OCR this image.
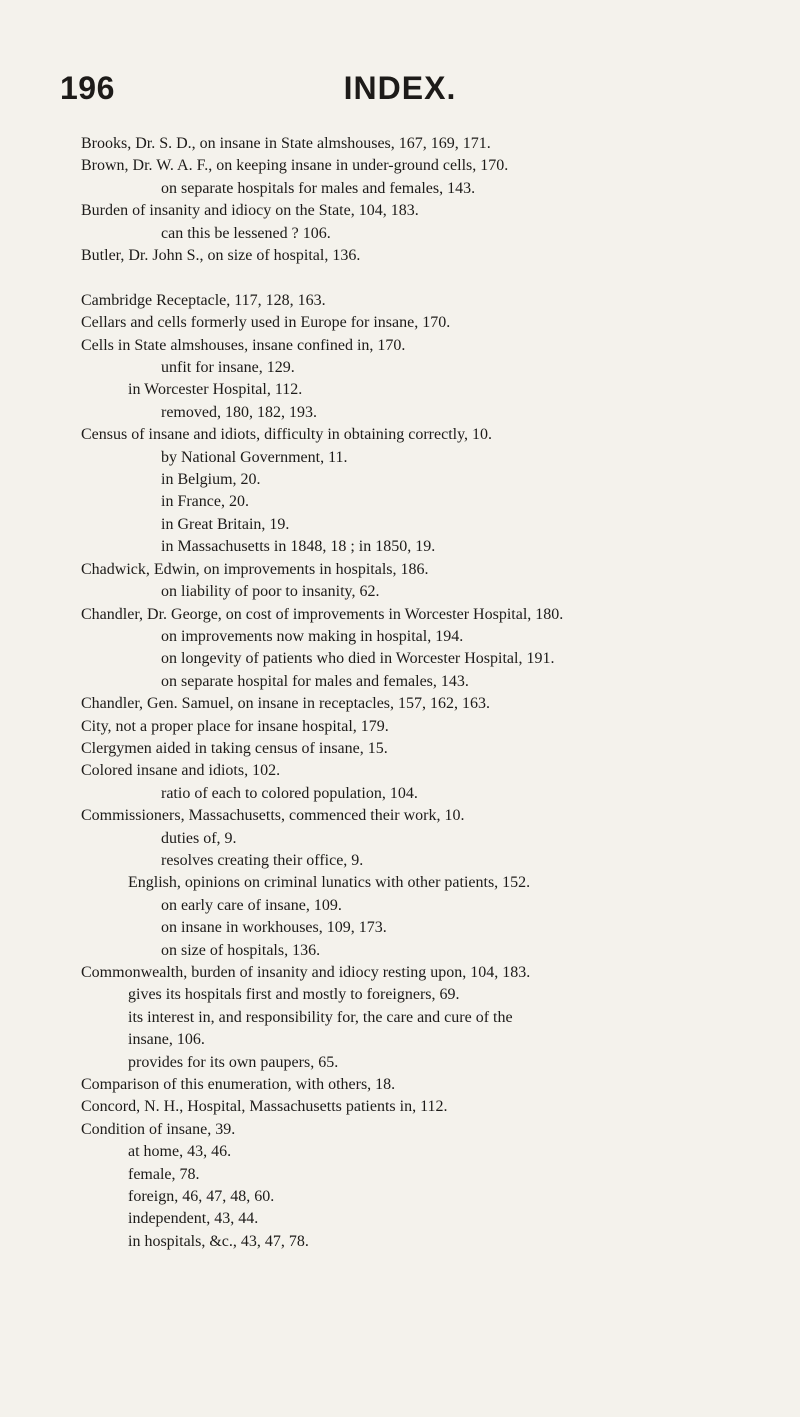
196	INDEX.
Brooks, Dr. S. D., on insane in State almshouses, 167, 169, 171.
Brown, Dr. W. A. F., on keeping insane in under-ground cells, 170.
on separate hospitals for males and females, 143.
Burden of insanity and idiocy on the State, 104, 183.
can this be lessened ? 106.
Butler, Dr. John S., on size of hospital, 136.
Cambridge Receptacle, 117, 128, 163.
Cellars and cells formerly used in Europe for insane, 170.
Cells in State almshouses, insane confined in, 170.
unfit for insane, 129.
in Worcester Hospital, 112.
removed, 180, 182, 193.
Census of insane and idiots, difficulty in obtaining correctly, 10.
by National Government, 11.
in Belgium, 20.
in France, 20.
in Great Britain, 19.
in Massachusetts in 1848, 18 ; in 1850, 19.
Chadwick, Edwin, on improvements in hospitals, 186.
on liability of poor to insanity, 62.
Chandler, Dr. George, on cost of improvements in Worcester Hospital, 180.
on improvements now making in hospital, 194.
on longevity of patients who died in Worcester Hospital, 191.
on separate hospital for males and females, 143.
Chandler, Gen. Samuel, on insane in receptacles, 157, 162, 163.
City, not a proper place for insane hospital, 179.
Clergymen aided in taking census of insane, 15.
Colored insane and idiots, 102.
ratio of each to colored population, 104.
Commissioners, Massachusetts, commenced their work, 10.
duties of, 9.
resolves creating their office, 9.
English, opinions on criminal lunatics with other patients, 152.
on early care of insane, 109.
on insane in workhouses, 109, 173.
on size of hospitals, 136.
Commonwealth, burden of insanity and idiocy resting upon, 104, 183.
gives its hospitals first and mostly to foreigners, 69.
its interest in, and responsibility for, the care and cure of the
insane, 106.
provides for its own paupers, 65.
Comparison of this enumeration, with others, 18.
Concord, N. H., Hospital, Massachusetts patients in, 112.
Condition of insane, 39.
at home, 43, 46.
female, 78.
foreign, 46, 47, 48, 60.
independent, 43, 44.
in hospitals, &c., 43, 47, 78.
